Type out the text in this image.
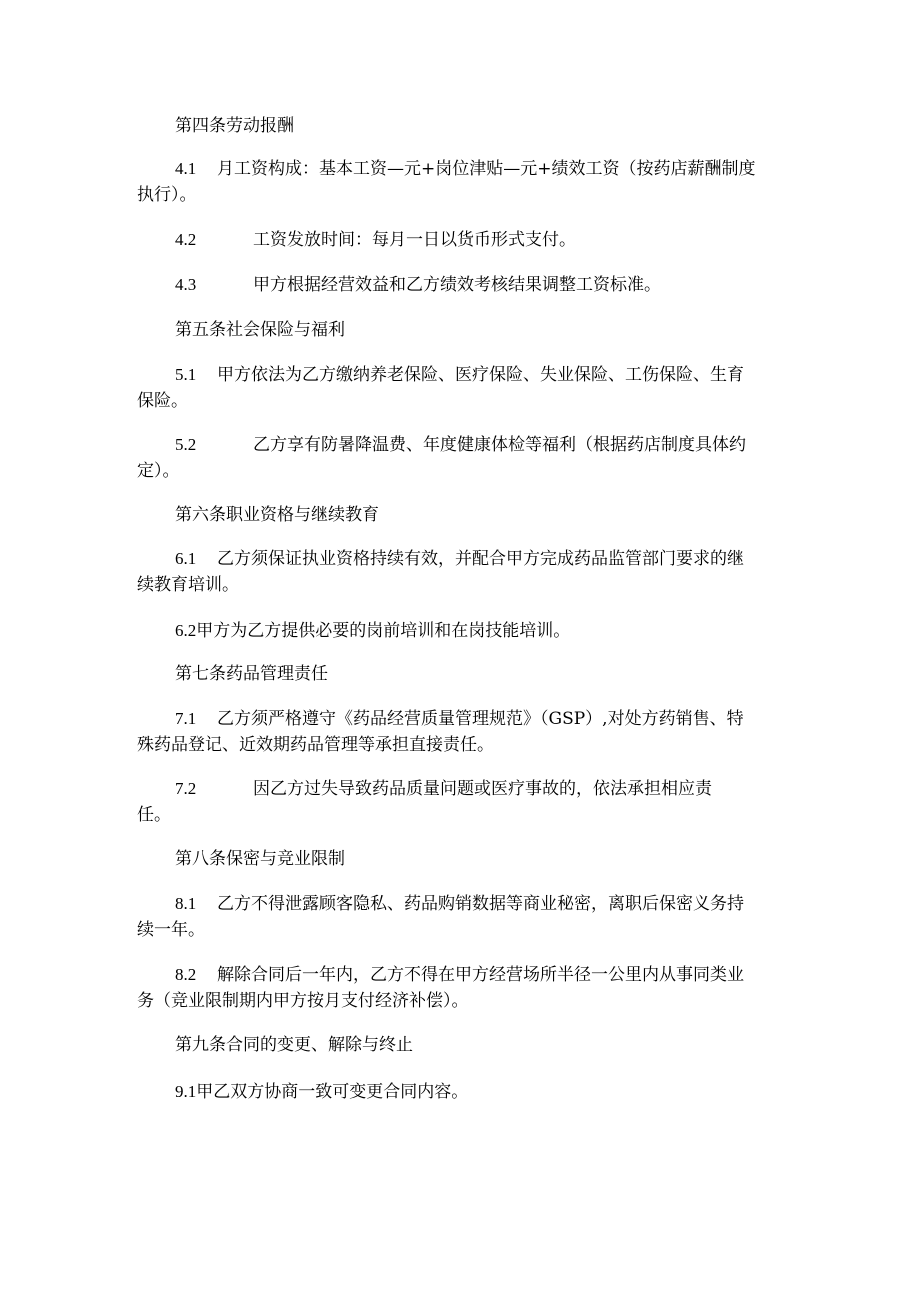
第四条劳动报酬
4.1 月工资构成：基本工资—元+岗位津贴—元+绩效工资（按药店薪酬制度
执行）。
4.2	工资发放时间：每月一日以货币形式支付。
4.3	甲方根据经营效益和乙方绩效考核结果调整工资标准。
第五条社会保险与福利
5.1 甲方依法为乙方缴纳养老保险、医疗保险、失业保险、工伤保险、生育
保险。
5.2	乙方享有防暑降温费、年度健康体检等福利（根据药店制度具体约
定）。
第六条职业资格与继续教育
6.1 乙方须保证执业资格持续有效，并配合甲方完成药品监管部门要求的继
续教育培训。
6.2甲方为乙方提供必要的岗前培训和在岗技能培训。
第七条药品管理责任
7.1 乙方须严格遵守《药品经营质量管理规范》（GSP）,对处方药销售、特
殊药品登记、近效期药品管理等承担直接责任。
7.2	因乙方过失导致药品质量问题或医疗事故的，依法承担相应责
任。
第八条保密与竞业限制
8.1 乙方不得泄露顾客隐私、药品购销数据等商业秘密，离职后保密义务持
续一年。
8.2 解除合同后一年内，乙方不得在甲方经营场所半径一公里内从事同类业
务（竞业限制期内甲方按月支付经济补偿）。
第九条合同的变更、解除与终止
9.1甲乙双方协商一致可变更合同内容。
